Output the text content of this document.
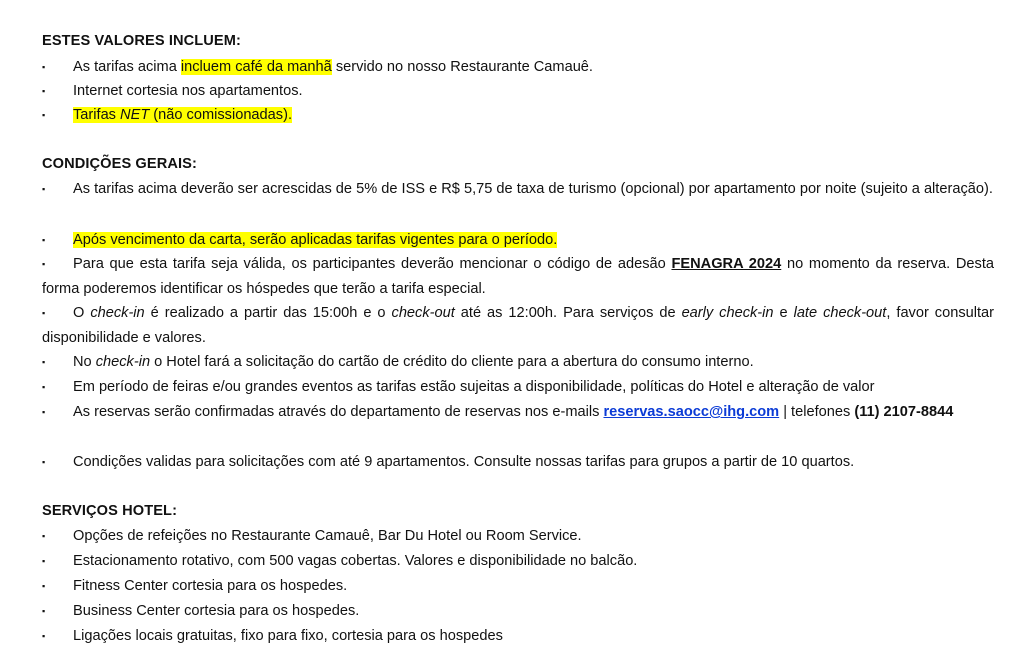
ESTES VALORES INCLUEM:
▪	As tarifas acima incluem café da manhã servido no nosso Restaurante Camauê.
▪	Internet cortesia nos apartamentos.
▪	Tarifas NET (não comissionadas).
CONDIÇÕES GERAIS:
▪	As tarifas acima deverão ser acrescidas de 5% de ISS e R$ 5,75 de taxa de turismo (opcional) por apartamento por noite (sujeito a alteração).
▪	Após vencimento da carta, serão aplicadas tarifas vigentes para o período.
▪	Para que esta tarifa seja válida, os participantes deverão mencionar o código de adesão FENAGRA 2024 no momento da reserva. Desta forma poderemos identificar os hóspedes que terão a tarifa especial.
▪	O check-in é realizado a partir das 15:00h e o check-out até as 12:00h. Para serviços de early check-in e late check-out, favor consultar disponibilidade e valores.
▪	No check-in o Hotel fará a solicitação do cartão de crédito do cliente para a abertura do consumo interno.
▪	Em período de feiras e/ou grandes eventos as tarifas estão sujeitas a disponibilidade, políticas do Hotel e alteração de valor
▪	As reservas serão confirmadas através do departamento de reservas nos e-mails reservas.saocc@ihg.com | telefones (11) 2107-8844
▪	Condições validas para solicitações com até 9 apartamentos. Consulte nossas tarifas para grupos a partir de 10 quartos.
SERVIÇOS HOTEL:
▪	Opções de refeições no Restaurante Camauê, Bar Du Hotel ou Room Service.
▪	Estacionamento rotativo, com 500 vagas cobertas. Valores e disponibilidade no balcão.
▪	Fitness Center cortesia para os hospedes.
▪	Business Center cortesia para os hospedes.
▪	Ligações locais gratuitas, fixo para fixo, cortesia para os hospedes
